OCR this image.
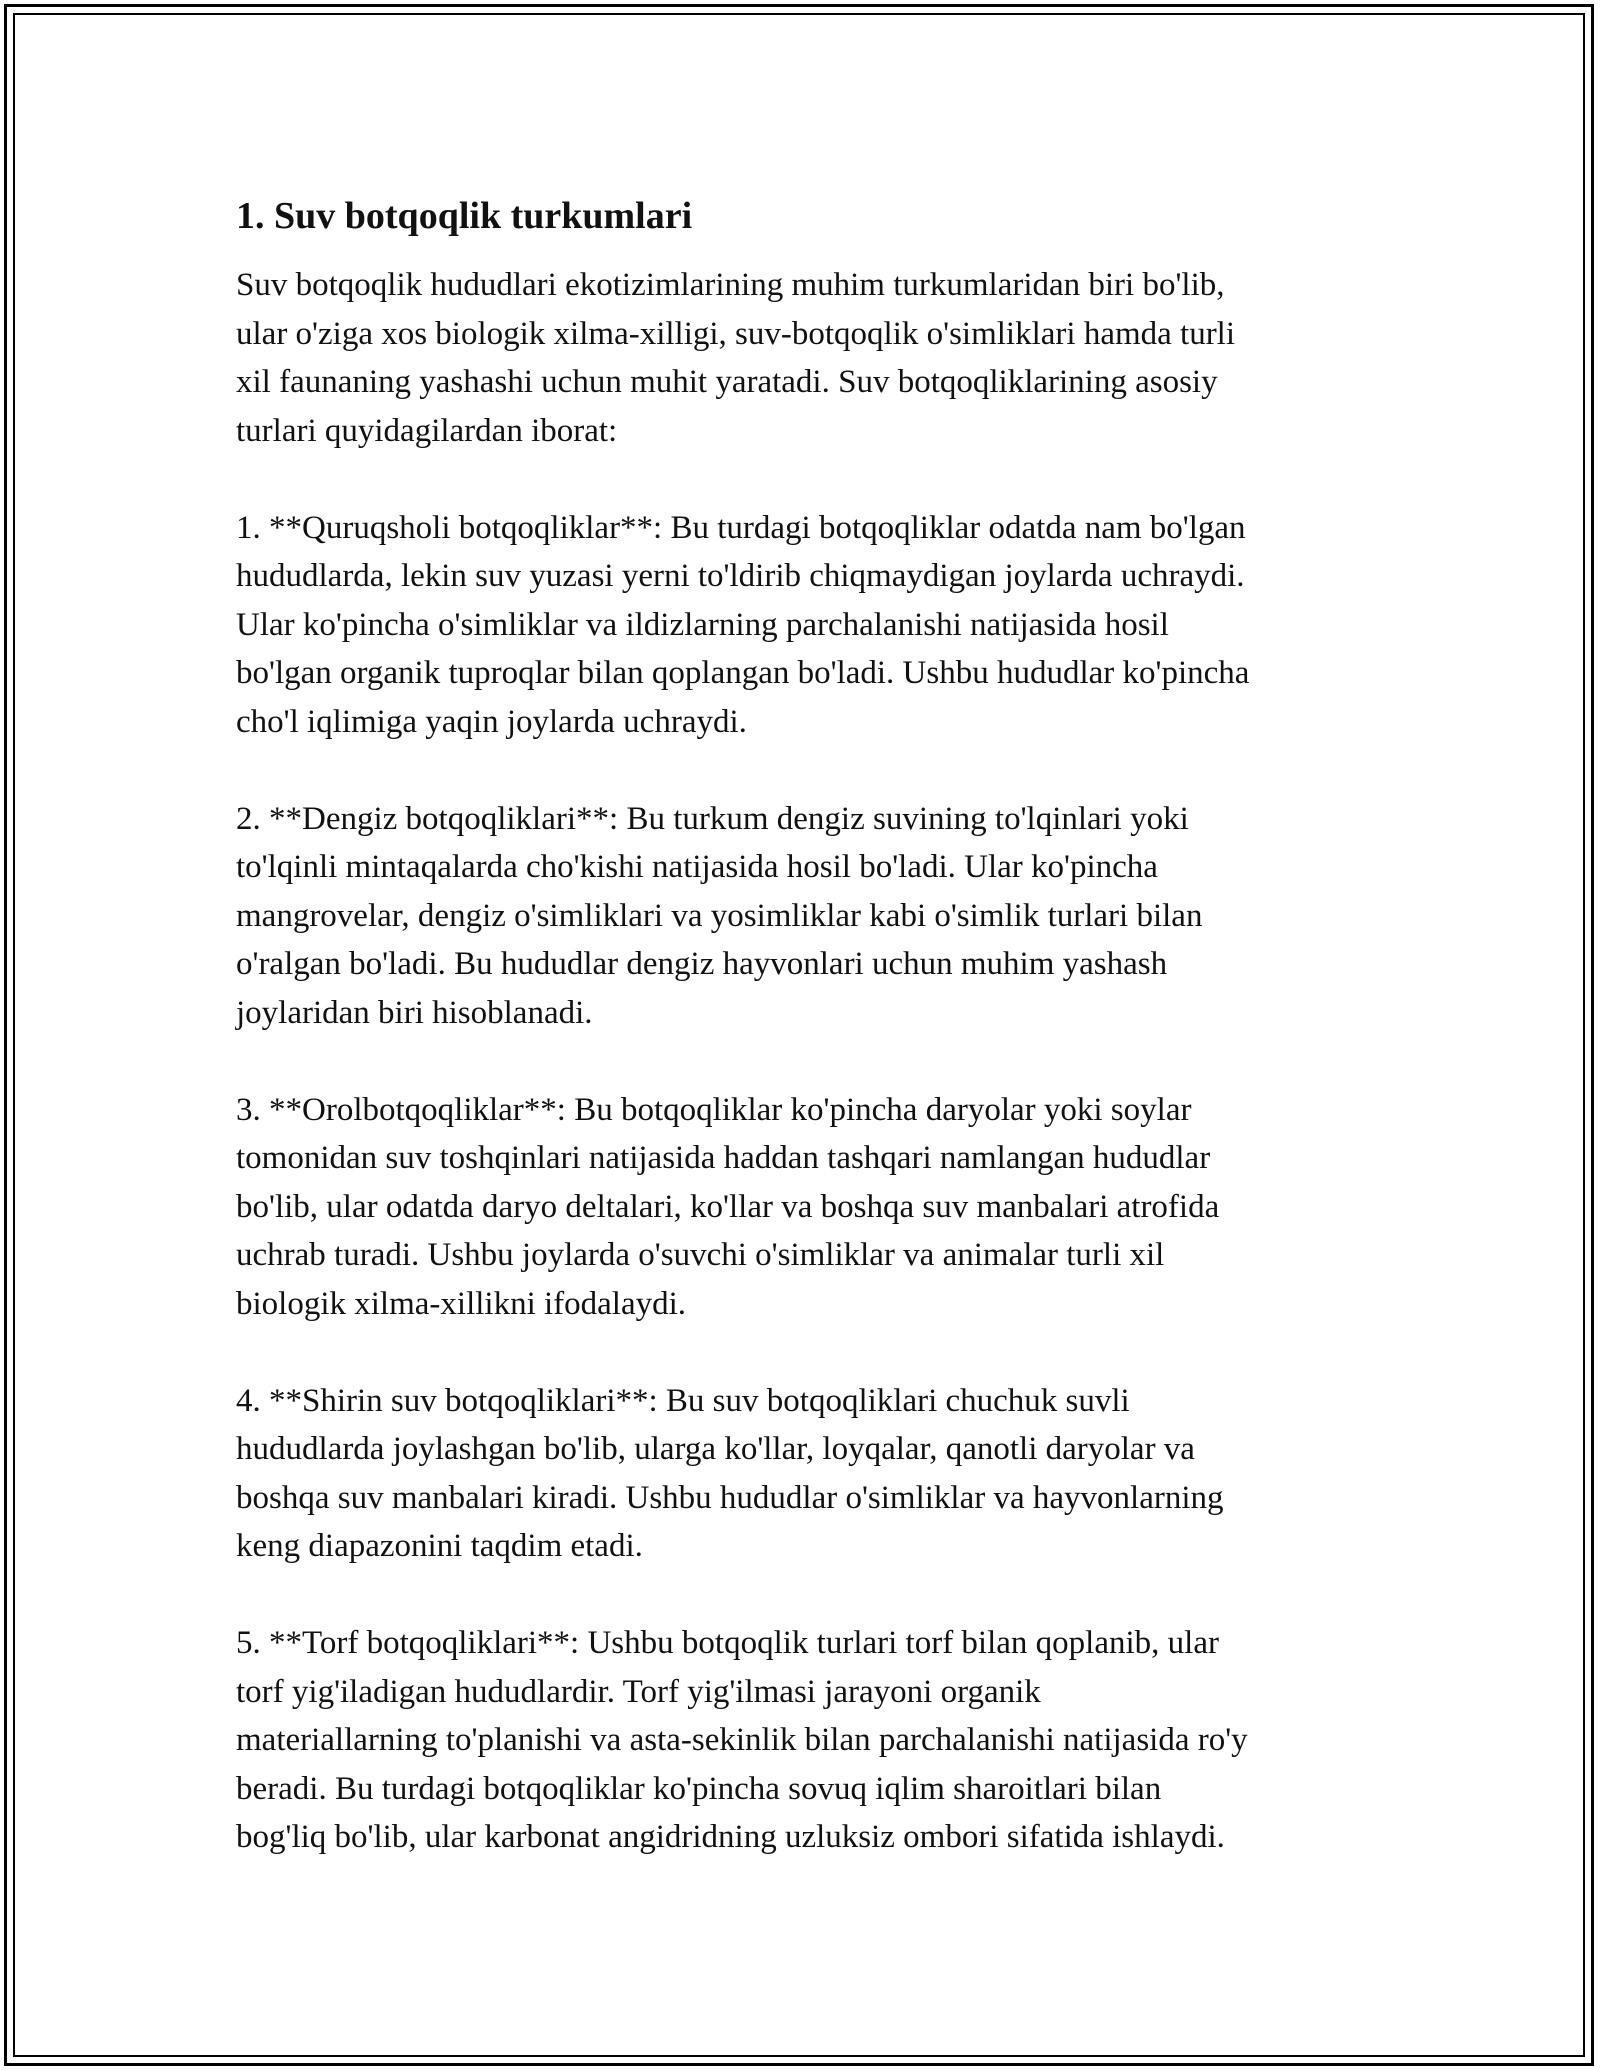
1. Suv botqoqlik turkumlari

Suv botqoqlik hududlari ekotizimlarining muhim turkumlaridan biri bo'lib,
ular o'ziga xos biologik xilma-xilligi, suv-botqoqlik o'simliklari hamda turli
xil faunaning yashashi uchun muhit yaratadi. Suv botqoqliklarining asosiy
turlari quyidagilardan iborat:

1. **Quruqsholi botqoqliklar**: Bu turdagi botqoqliklar odatda nam bo'lgan
hududlarda, lekin suv yuzasi yerni to'ldirib chiqmaydigan joylarda uchraydi.
Ular ko'pincha o'simliklar va ildizlarning parchalanishi natijasida hosil
bo'lgan organik tuproqlar bilan qoplangan bo'ladi. Ushbu hududlar ko'pincha
cho'l iqlimiga yaqin joylarda uchraydi.

2. **Dengiz botqoqliklari**: Bu turkum dengiz suvining to'lqinlari yoki
to'lqinli mintaqalarda cho'kishi natijasida hosil bo'ladi. Ular ko'pincha
mangrovelar, dengiz o'simliklari va yosimliklar kabi o'simlik turlari bilan
o'ralgan bo'ladi. Bu hududlar dengiz hayvonlari uchun muhim yashash
joylaridan biri hisoblanadi.

3. **Orolbotqoqliklar**: Bu botqoqliklar ko'pincha daryolar yoki soylar
tomonidan suv toshqinlari natijasida haddan tashqari namlangan hududlar
bo'lib, ular odatda daryo deltalari, ko'llar va boshqa suv manbalari atrofida
uchrab turadi. Ushbu joylarda o'suvchi o'simliklar va animalar turli xil
biologik xilma-xillikni ifodalaydi.

4. **Shirin suv botqoqliklari**: Bu suv botqoqliklari chuchuk suvli
hududlarda joylashgan bo'lib, ularga ko'llar, loyqalar, qanotli daryolar va
boshqa suv manbalari kiradi. Ushbu hududlar o'simliklar va hayvonlarning
keng diapazonini taqdim etadi.

5. **Torf botqoqliklari**: Ushbu botqoqlik turlari torf bilan qoplanib, ular
torf yig'iladigan hududlardir. Torf yig'ilmasi jarayoni organik
materiallarning to'planishi va asta-sekinlik bilan parchalanishi natijasida ro'y
beradi. Bu turdagi botqoqliklar ko'pincha sovuq iqlim sharoitlari bilan
bog'liq bo'lib, ular karbonat angidridning uzluksiz ombori sifatida ishlaydi.
